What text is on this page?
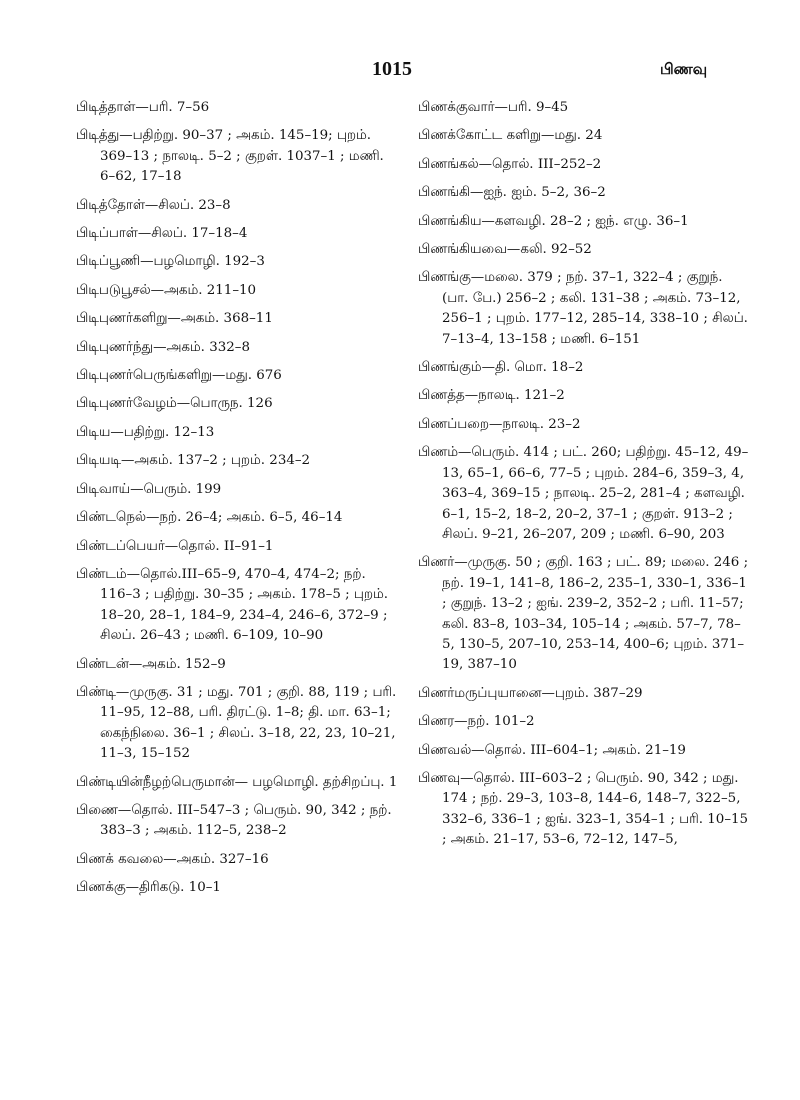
1015	பிணவு

பிடித்தாள்—பரி. 7–56

பிடித்து—பதிற்று. 90–37 ; அகம். 145–19; புறம். 369–13 ; நாலடி. 5–2 ; குறள். 1037–1 ; மணி. 6–62, 17–18

பிடித்தோள்—சிலப். 23–8

பிடிப்பாள்—சிலப். 17–18–4

பிடிப்பூணி—பழமொழி. 192–3

பிடிபடுபூசல்—அகம். 211–10

பிடிபுணர்களிறு—அகம். 368–11

பிடிபுணர்ந்து—அகம். 332–8

பிடிபுணர்பெருங்களிறு—மது. 676

பிடிபுணர்வேழம்—பொருந. 126

பிடிய—பதிற்று. 12–13

பிடியடி—அகம். 137–2 ; புறம். 234–2

பிடிவாய்—பெரும். 199

பிண்டநெல்—நற். 26–4; அகம். 6–5, 46–14

பிண்டப்பெயர்—தொல். II–91–1

பிண்டம்—தொல்.III–65–9, 470–4, 474–2; நற். 116–3 ; பதிற்று. 30–35 ; அகம். 178–5 ; புறம். 18–20, 28–1, 184–9, 234–4, 246–6, 372–9 ; சிலப். 26–43 ; மணி. 6–109, 10–90

பிண்டன்—அகம். 152–9

பிண்டி—முருகு. 31 ; மது. 701 ; குறி. 88, 119 ; பரி. 11–95, 12–88, பரி. திரட்டு. 1–8; தி. மா. 63–1; கைந்நிலை. 36–1 ; சிலப். 3–18, 22, 23, 10–21, 11–3, 15–152

பிண்டியின்நீழற்பெருமான்— பழமொழி. தற்சிறப்பு. 1

பிணை—தொல். III–547–3 ; பெரும். 90, 342 ; நற். 383–3 ; அகம். 112–5, 238–2

பிணக் கவலை—அகம். 327–16

பிணக்கு—திரிகடு. 10–1

பிணக்குவார்—பரி. 9–45

பிணக்கோட்ட களிறு—மது. 24

பிணங்கல்—தொல். III–252–2

பிணங்கி—ஐந். ஐம். 5–2, 36–2

பிணங்கிய—களவழி. 28–2 ; ஐந். எழு. 36–1

பிணங்கியவை—கலி. 92–52

பிணங்கு—மலை. 379 ; நற். 37–1, 322–4 ; குறுந். (பா. பே.) 256–2 ; கலி. 131–38 ; அகம். 73–12, 256–1 ; புறம். 177–12, 285–14, 338–10 ; சிலப். 7–13–4, 13–158 ; மணி. 6–151

பிணங்கும்—தி. மொ. 18–2

பிணத்த—நாலடி. 121–2

பிணப்பறை—நாலடி. 23–2

பிணம்—பெரும். 414 ; பட். 260; பதிற்று. 45–12, 49–13, 65–1, 66–6, 77–5 ; புறம். 284–6, 359–3, 4, 363–4, 369–15 ; நாலடி. 25–2, 281–4 ; களவழி. 6–1, 15–2, 18–2, 20–2, 37–1 ; குறள். 913–2 ; சிலப். 9–21, 26–207, 209 ; மணி. 6–90, 203

பிணர்—முருகு. 50 ; குறி. 163 ; பட். 89; மலை. 246 ; நற். 19–1, 141–8, 186–2, 235–1, 330–1, 336–1 ; குறுந். 13–2 ; ஐங். 239–2, 352–2 ; பரி. 11–57; கலி. 83–8, 103–34, 105–14 ; அகம். 57–7, 78–5, 130–5, 207–10, 253–14, 400–6; புறம். 371–19, 387–10

பிணர்மருப்புயானை—புறம். 387–29

பிணர—நற். 101–2

பிணவல்—தொல். III–604–1; அகம். 21–19

பிணவு—தொல். III–603–2 ; பெரும். 90, 342 ; மது. 174 ; நற். 29–3, 103–8, 144–6, 148–7, 322–5, 332–6, 336–1 ; ஐங். 323–1, 354–1 ; பரி. 10–15 ; அகம். 21–17, 53–6, 72–12, 147–5,
